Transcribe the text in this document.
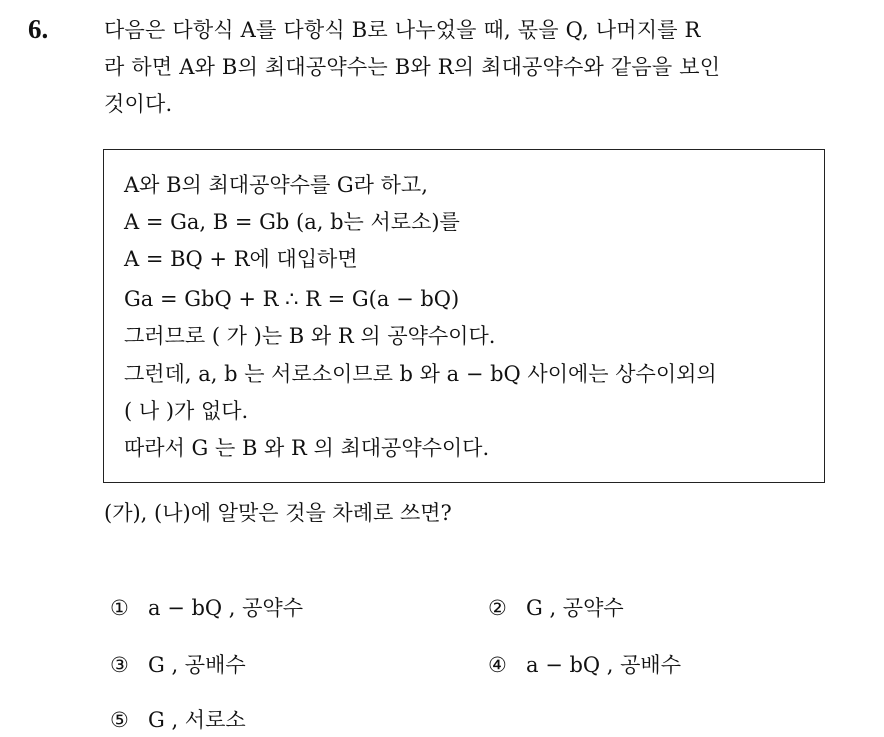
6.	다음은 다항식 A를 다항식 B로 나누었을 때, 몫을 Q, 나머지를 R
라 하면 A와 B의 최대공약수는 B와 R의 최대공약수와 같음을 보인
것이다.
A와 B의 최대공약수를 G라 하고,
A = Ga, B = Gb (a, b는 서로소)를
A = BQ + R에 대입하면
Ga = GbQ + R ∴ R = G(a − bQ)
그러므로 ( 가 )는 B 와 R 의 공약수이다.
그런데, a, b 는 서로소이므로 b 와 a − bQ 사이에는 상수이외의
( 나 )가 없다.
따라서 G 는 B 와 R 의 최대공약수이다.
(가), (나)에 알맞은 것을 차례로 쓰면?
① a − bQ , 공약수	② G , 공약수
③ G , 공배수	④ a − bQ , 공배수
⑤ G , 서로소
